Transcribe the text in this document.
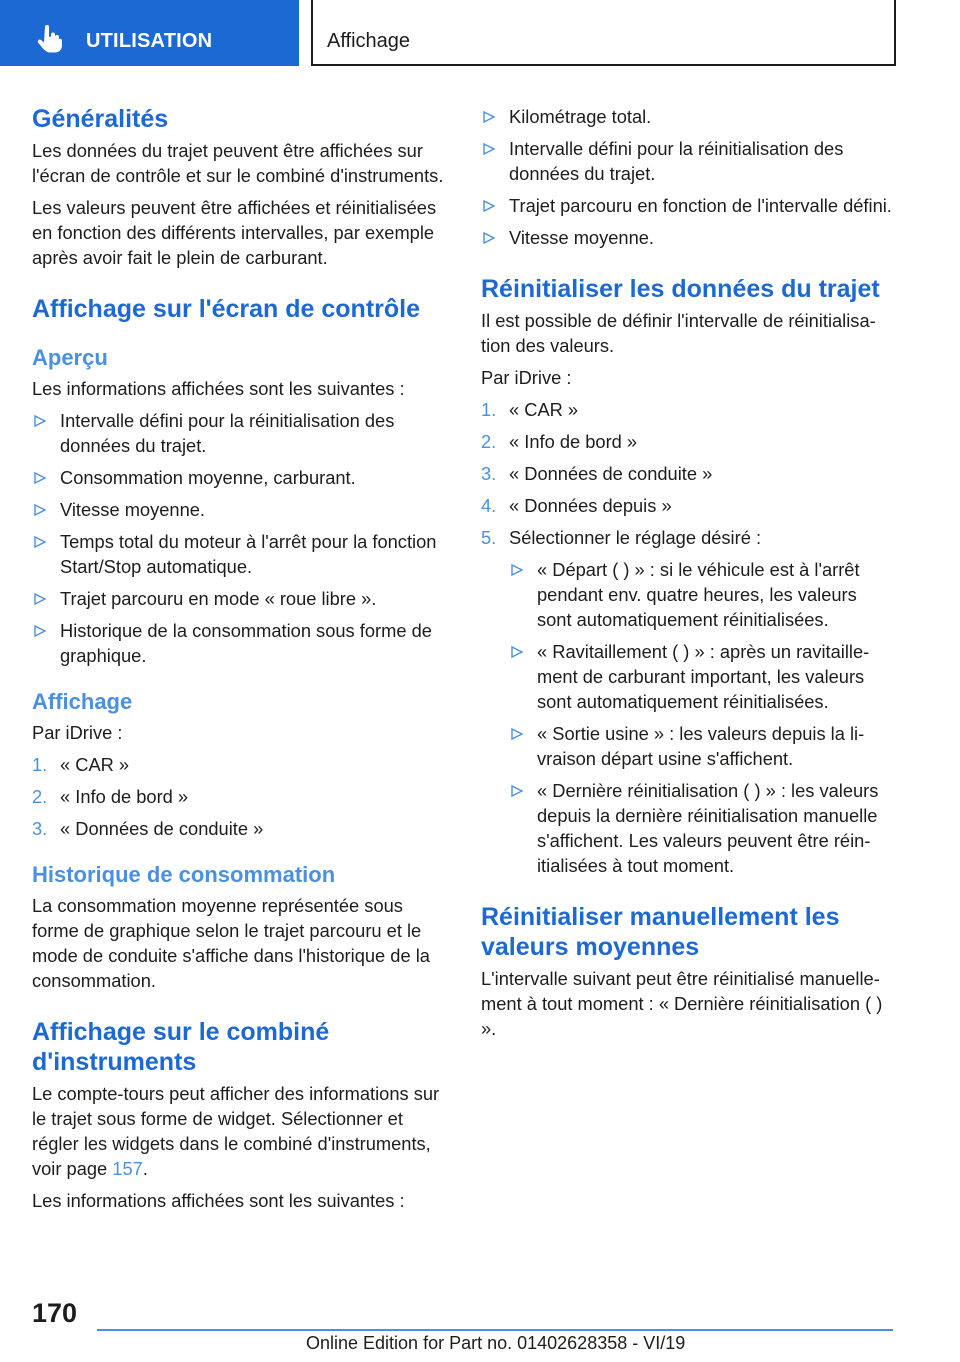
UTILISATION	Affichage
Généralités

Les données du trajet peuvent être affichées sur l'écran de contrôle et sur le combiné d'instruments.

Les valeurs peuvent être affichées et réinitialisées en fonction des différents intervalles, par exemple après avoir fait le plein de carburant.

Affichage sur l'écran de contrôle
Aperçu

Les informations affichées sont les suivantes :

Intervalle défini pour la réinitialisation des données du trajet.
Consommation moyenne, carburant.
Vitesse moyenne.
Temps total du moteur à l'arrêt pour la fonction Start/Stop automatique.
Trajet parcouru en mode « roue libre ».
Historique de la consommation sous forme de graphique.
Affichage

Par iDrive :

1. « CAR »
2. « Info de bord »
3. « Données de conduite »
Historique de consommation

La consommation moyenne représentée sous forme de graphique selon le trajet parcouru et le mode de conduite s'affiche dans l'historique de la consommation.

Affichage sur le combiné d'instruments

Le compte-tours peut afficher des informations sur le trajet sous forme de widget. Sélectionner et régler les widgets dans le combiné d'instruments, voir page 157.

Les informations affichées sont les suivantes :

Kilométrage total.
Intervalle défini pour la réinitialisation des données du trajet.
Trajet parcouru en fonction de l'intervalle défini.
Vitesse moyenne.
Réinitialiser les données du trajet

Il est possible de définir l'intervalle de réinitialisation des valeurs.

Par iDrive :

1. « CAR »
2. « Info de bord »
3. « Données de conduite »
4. « Données depuis »
5. Sélectionner le réglage désiré :
« Départ ( ) » : si le véhicule est à l'arrêt pendant env. quatre heures, les valeurs sont automatiquement réinitialisées.
« Ravitaillement ( ) » : après un ravitaillement de carburant important, les valeurs sont automatiquement réinitialisées.
« Sortie usine » : les valeurs depuis la livraison départ usine s'affichent.
« Dernière réinitialisation ( ) » : les valeurs depuis la dernière réinitialisation manuelle s'affichent. Les valeurs peuvent être réinitialisées à tout moment.
Réinitialiser manuellement les valeurs moyennes

L'intervalle suivant peut être réinitialisé manuellement à tout moment : « Dernière réinitialisation ( ) ».

170
Online Edition for Part no. 01402628358 - VI/19
